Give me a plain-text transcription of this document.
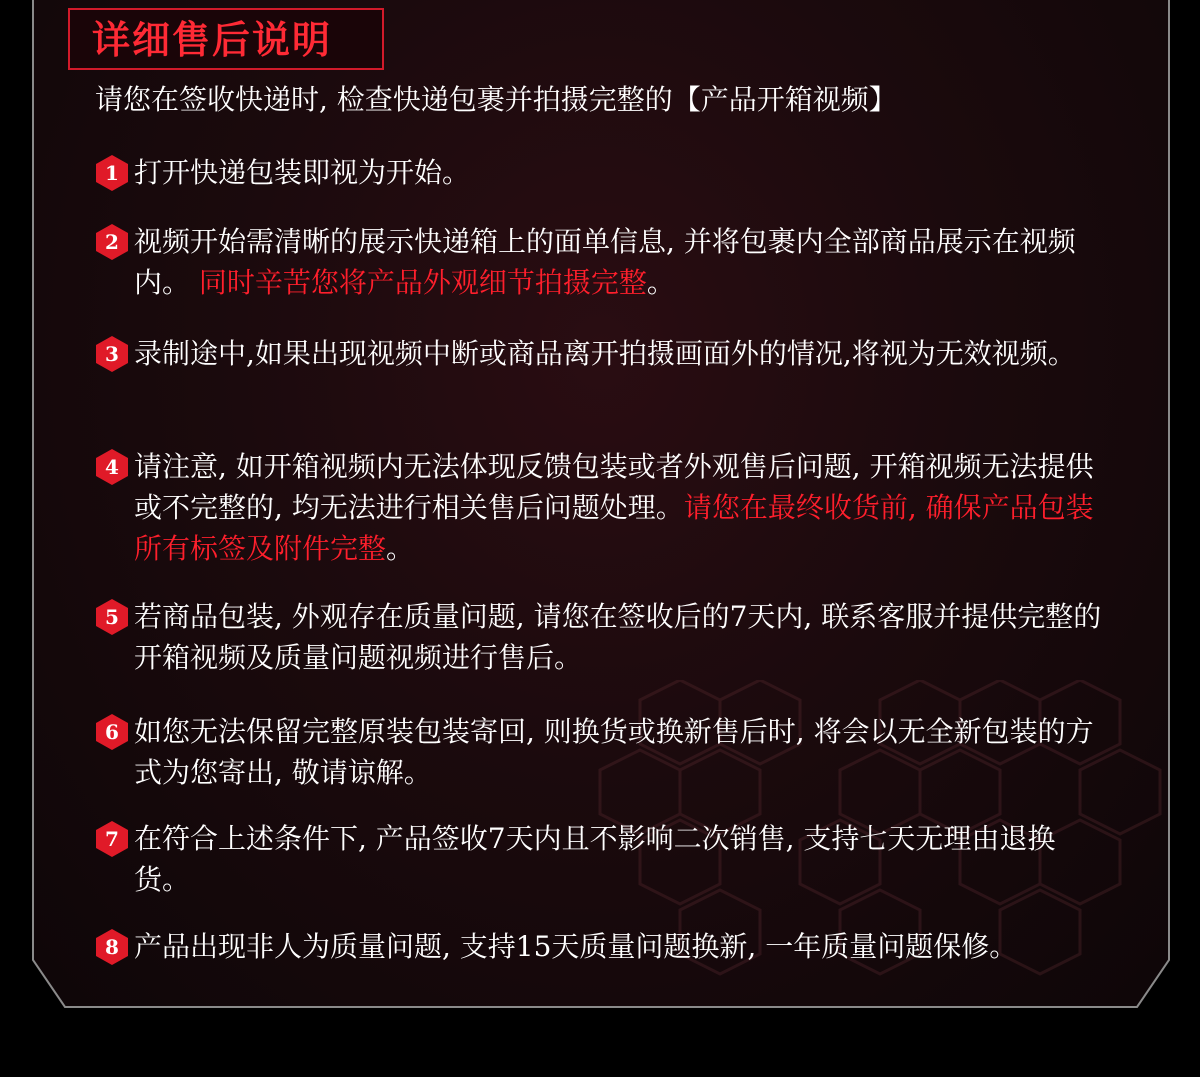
详细售后说明
请您在签收快递时, 检查快递包裹并拍摄完整的【产品开箱视频】
1 打开快递包装即视为开始。
2 视频开始需清晰的展示快递箱上的面单信息, 并将包裹内全部商品展示在视频内。 同时辛苦您将产品外观细节拍摄完整。
3 录制途中,如果出现视频中断或商品离开拍摄画面外的情况,将视为无效视频。
4 请注意, 如开箱视频内无法体现反馈包装或者外观售后问题, 开箱视频无法提供或不完整的, 均无法进行相关售后问题处理。请您在最终收货前, 确保产品包装所有标签及附件完整。
5 若商品包装, 外观存在质量问题, 请您在签收后的7天内, 联系客服并提供完整的开箱视频及质量问题视频进行售后。
6 如您无法保留完整原装包装寄回, 则换货或换新售后时, 将会以无全新包装的方式为您寄出, 敬请谅解。
7 在符合上述条件下, 产品签收7天内且不影响二次销售, 支持七天无理由退换货。
8 产品出现非人为质量问题, 支持15天质量问题换新, 一年质量问题保修。
